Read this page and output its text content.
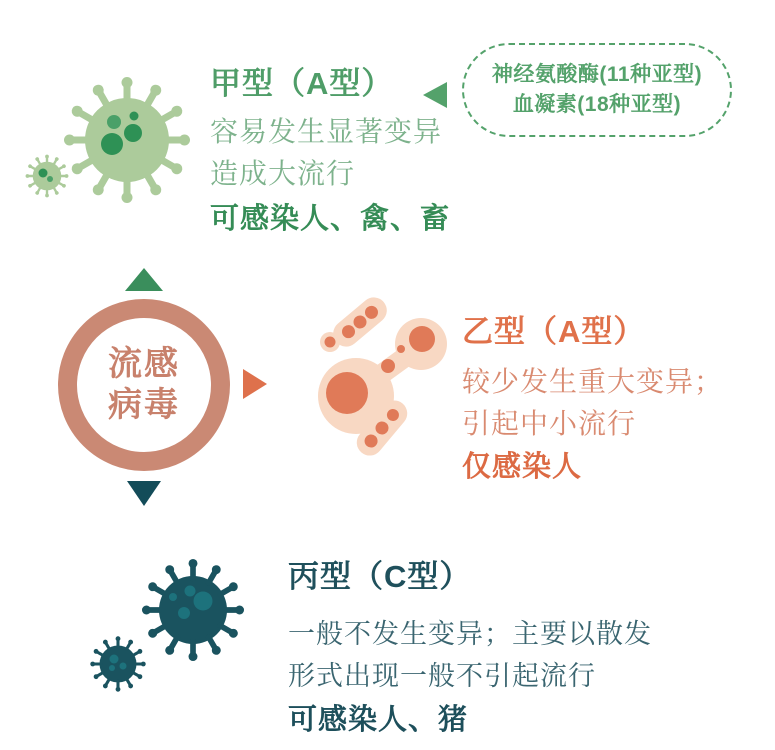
甲型（A型）
容易发生显著变异
造成大流行
可感染人、禽、畜
神经氨酸酶(11种亚型)
血凝素(18种亚型)
流感
病毒
乙型（A型）
较少发生重大变异；
引起中小流行
仅感染人
丙型（C型）
一般不发生变异；主要以散发
形式出现一般不引起流行
可感染人、猪
